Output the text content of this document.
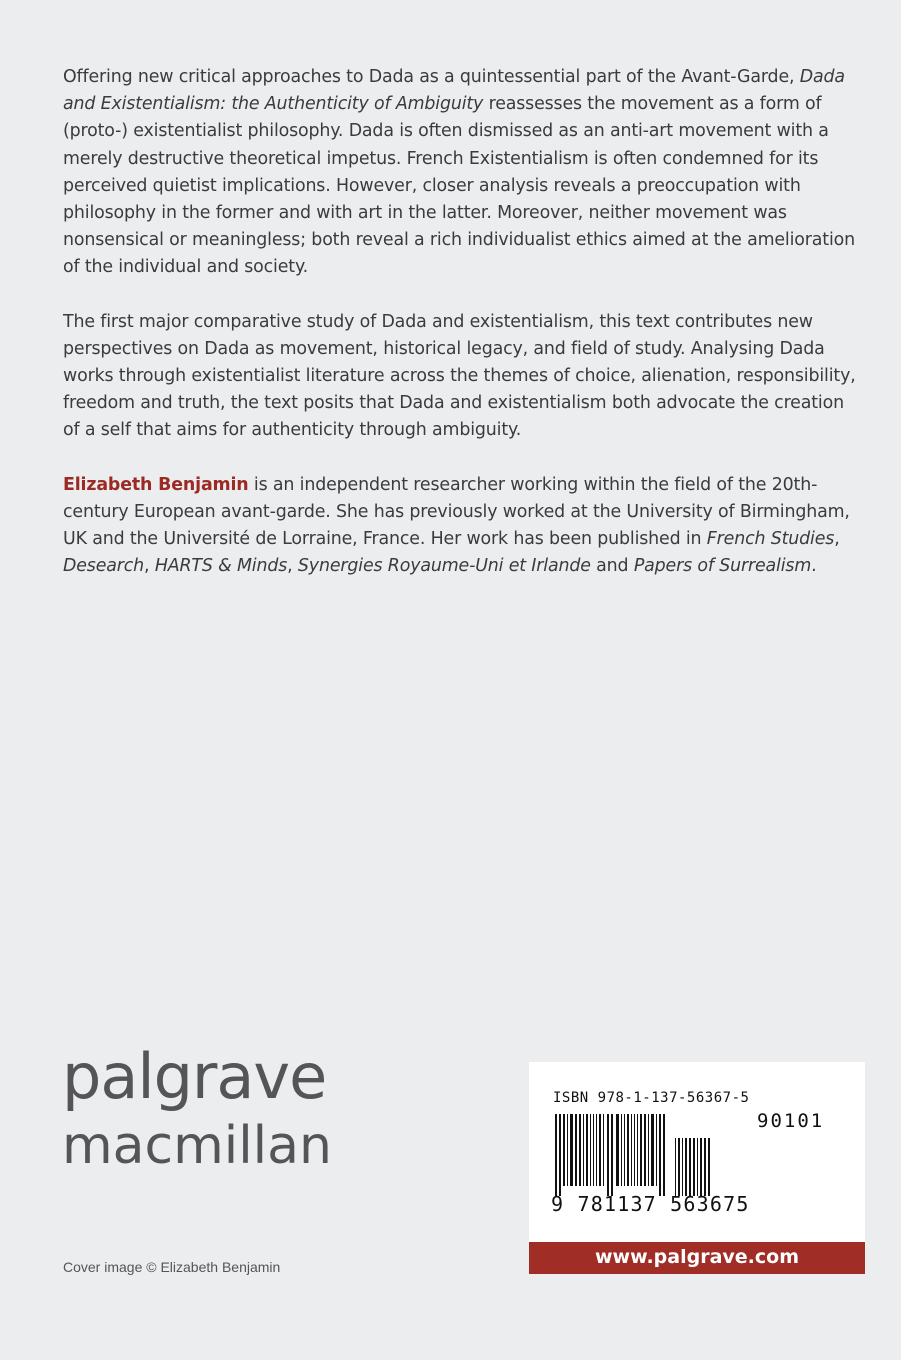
Offering new critical approaches to Dada as a quintessential part of the Avant-Garde, Dada and Existentialism: the Authenticity of Ambiguity reassesses the movement as a form of (proto-) existentialist philosophy. Dada is often dismissed as an anti-art movement with a merely destructive theoretical impetus. French Existentialism is often condemned for its perceived quietist implications. However, closer analysis reveals a preoccupation with philosophy in the former and with art in the latter. Moreover, neither movement was nonsensical or meaningless; both reveal a rich individualist ethics aimed at the amelioration of the individual and society.

The first major comparative study of Dada and existentialism, this text contributes new perspectives on Dada as movement, historical legacy, and field of study. Analysing Dada works through existentialist literature across the themes of choice, alienation, responsibility, freedom and truth, the text posits that Dada and existentialism both advocate the creation of a self that aims for authenticity through ambiguity.

Elizabeth Benjamin is an independent researcher working within the field of the 20th-century European avant-garde. She has previously worked at the University of Birmingham, UK and the Université de Lorraine, France. Her work has been published in French Studies, Desearch, HARTS & Minds, Synergies Royaume-Uni et Irlande and Papers of Surrealism.

palgrave
macmillan
Cover image © Elizabeth Benjamin
ISBN 978-1-137-56367-5
90101
9 781137 563675
www.palgrave.com
